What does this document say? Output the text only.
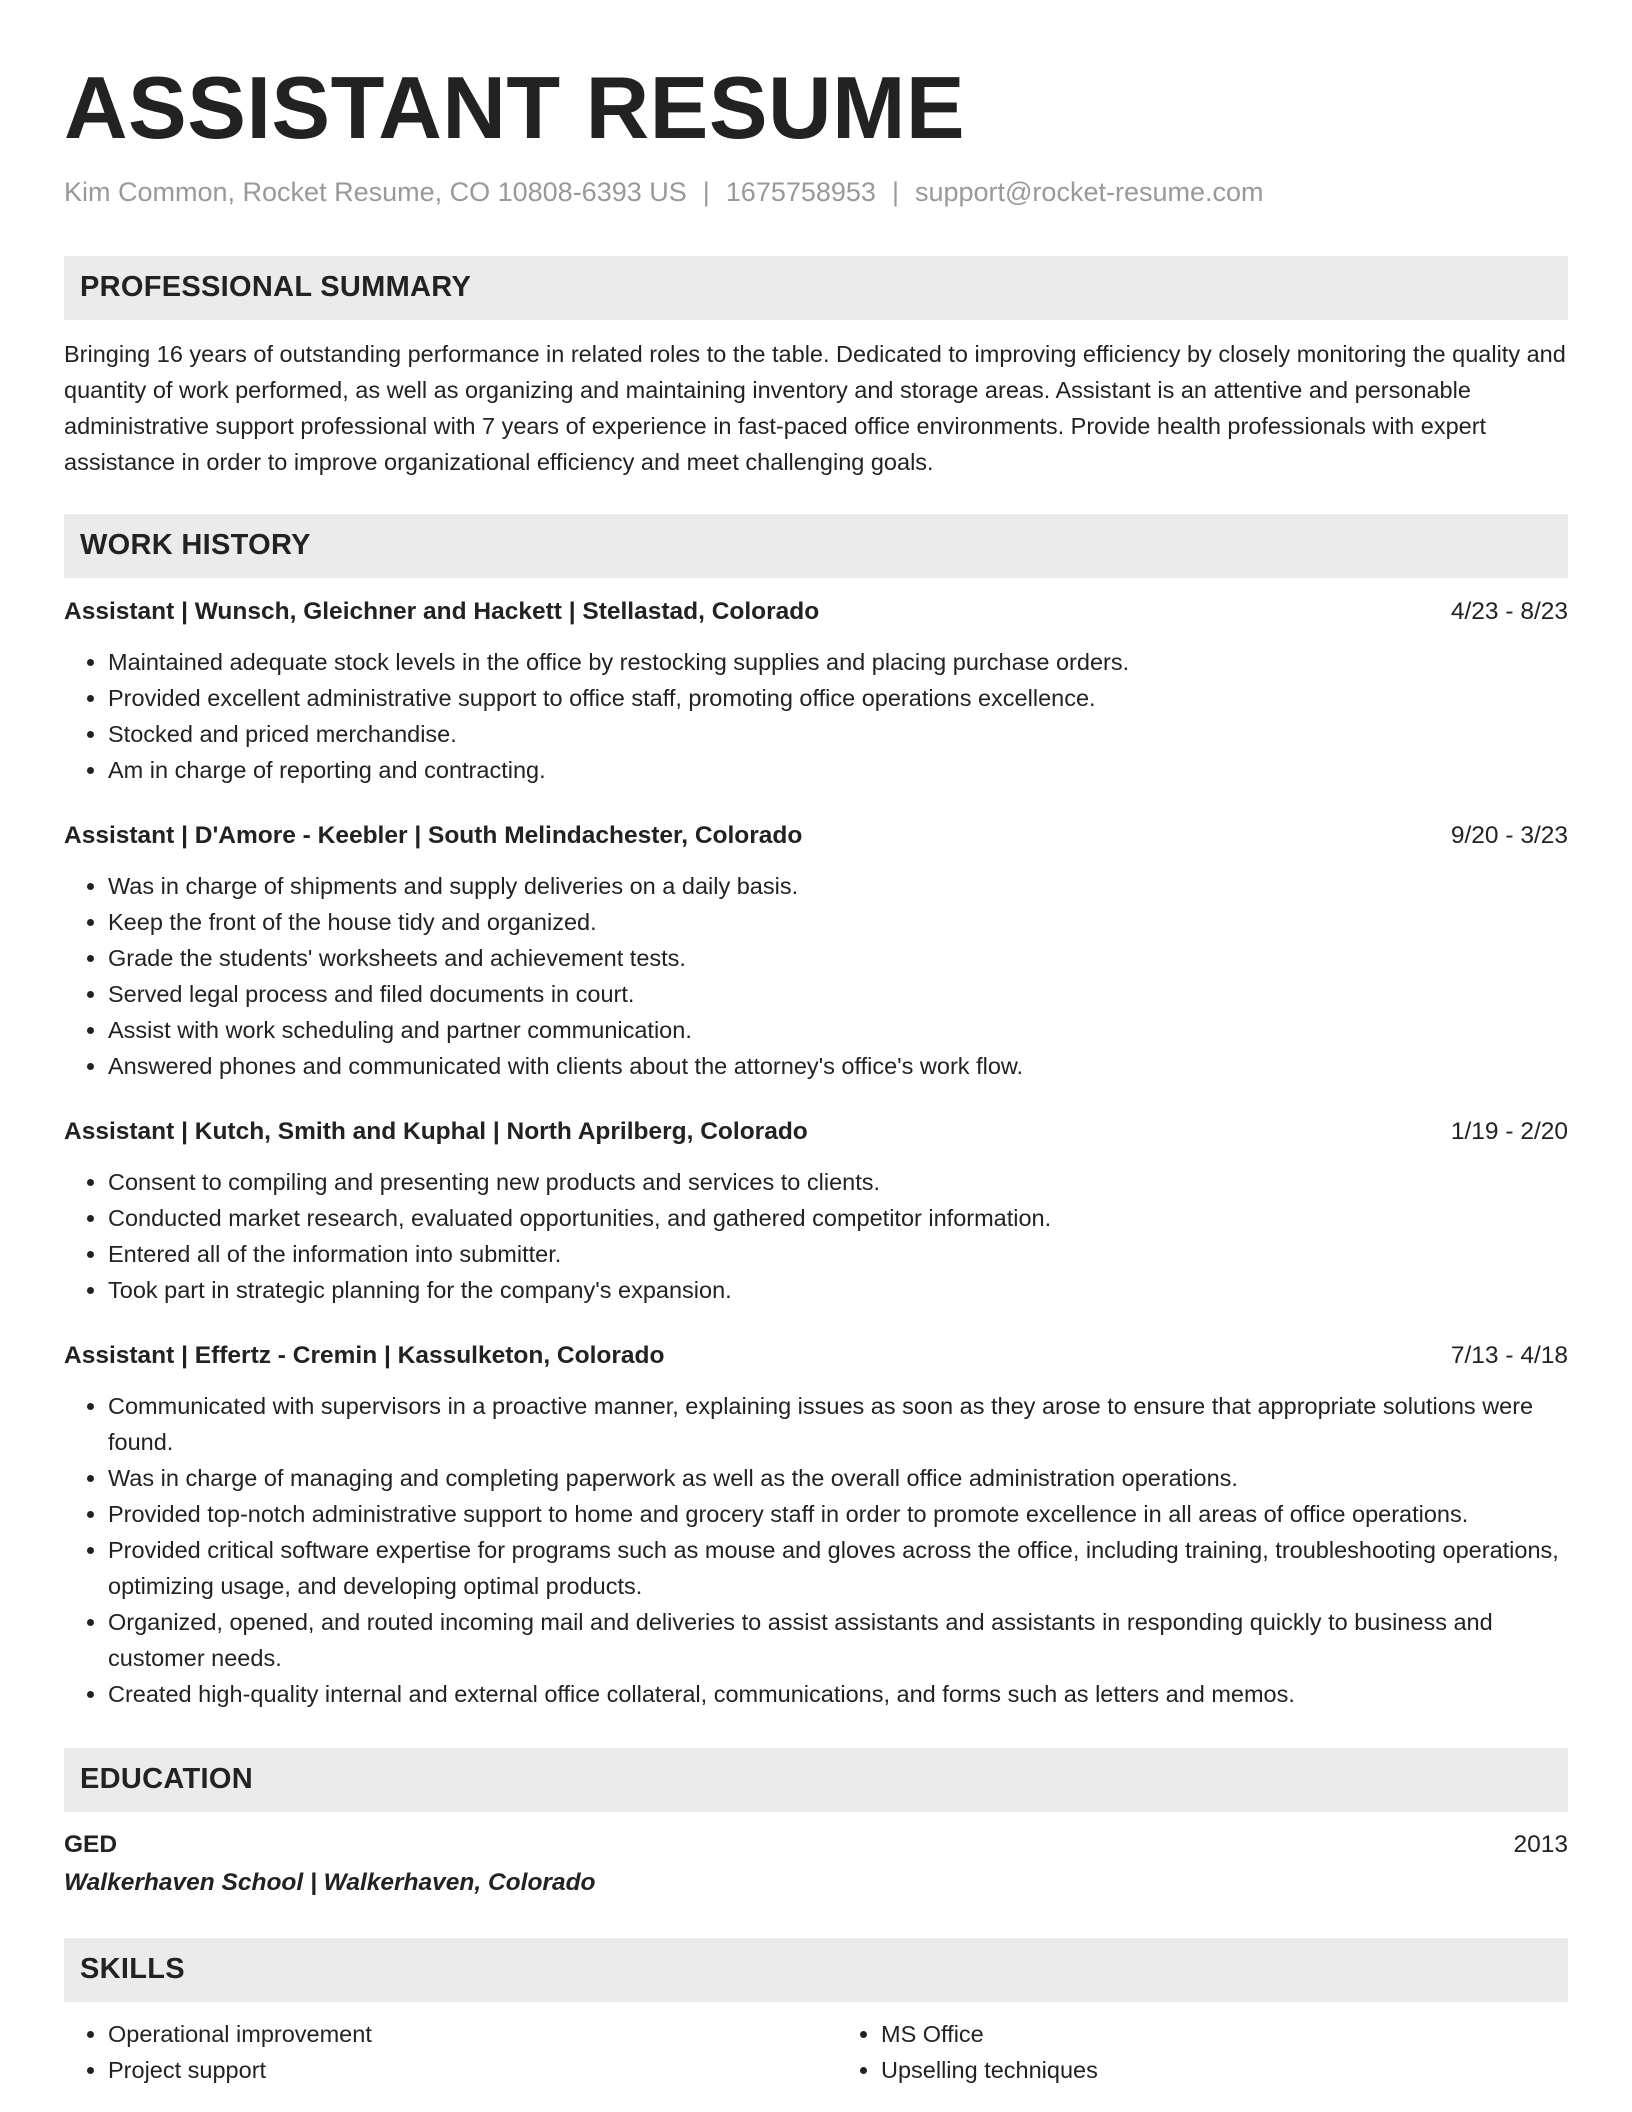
ASSISTANT RESUME
Kim Common, Rocket Resume, CO 10808-6393 US | 1675758953 | support@rocket-resume.com
PROFESSIONAL SUMMARY
Bringing 16 years of outstanding performance in related roles to the table. Dedicated to improving efficiency by closely monitoring the quality and quantity of work performed, as well as organizing and maintaining inventory and storage areas. Assistant is an attentive and personable administrative support professional with 7 years of experience in fast-paced office environments. Provide health professionals with expert assistance in order to improve organizational efficiency and meet challenging goals.
WORK HISTORY
Assistant | Wunsch, Gleichner and Hackett | Stellastad, Colorado	4/23 - 8/23
• Maintained adequate stock levels in the office by restocking supplies and placing purchase orders.
• Provided excellent administrative support to office staff, promoting office operations excellence.
• Stocked and priced merchandise.
• Am in charge of reporting and contracting.
Assistant | D'Amore - Keebler | South Melindachester, Colorado	9/20 - 3/23
• Was in charge of shipments and supply deliveries on a daily basis.
• Keep the front of the house tidy and organized.
• Grade the students' worksheets and achievement tests.
• Served legal process and filed documents in court.
• Assist with work scheduling and partner communication.
• Answered phones and communicated with clients about the attorney's office's work flow.
Assistant | Kutch, Smith and Kuphal | North Aprilberg, Colorado	1/19 - 2/20
• Consent to compiling and presenting new products and services to clients.
• Conducted market research, evaluated opportunities, and gathered competitor information.
• Entered all of the information into submitter.
• Took part in strategic planning for the company's expansion.
Assistant | Effertz - Cremin | Kassulketon, Colorado	7/13 - 4/18
• Communicated with supervisors in a proactive manner, explaining issues as soon as they arose to ensure that appropriate solutions were found.
• Was in charge of managing and completing paperwork as well as the overall office administration operations.
• Provided top-notch administrative support to home and grocery staff in order to promote excellence in all areas of office operations.
• Provided critical software expertise for programs such as mouse and gloves across the office, including training, troubleshooting operations, optimizing usage, and developing optimal products.
• Organized, opened, and routed incoming mail and deliveries to assist assistants and assistants in responding quickly to business and customer needs.
• Created high-quality internal and external office collateral, communications, and forms such as letters and memos.
EDUCATION
GED	2013
Walkerhaven School | Walkerhaven, Colorado
SKILLS
• Operational improvement
• Project support
• MS Office
• Upselling techniques
